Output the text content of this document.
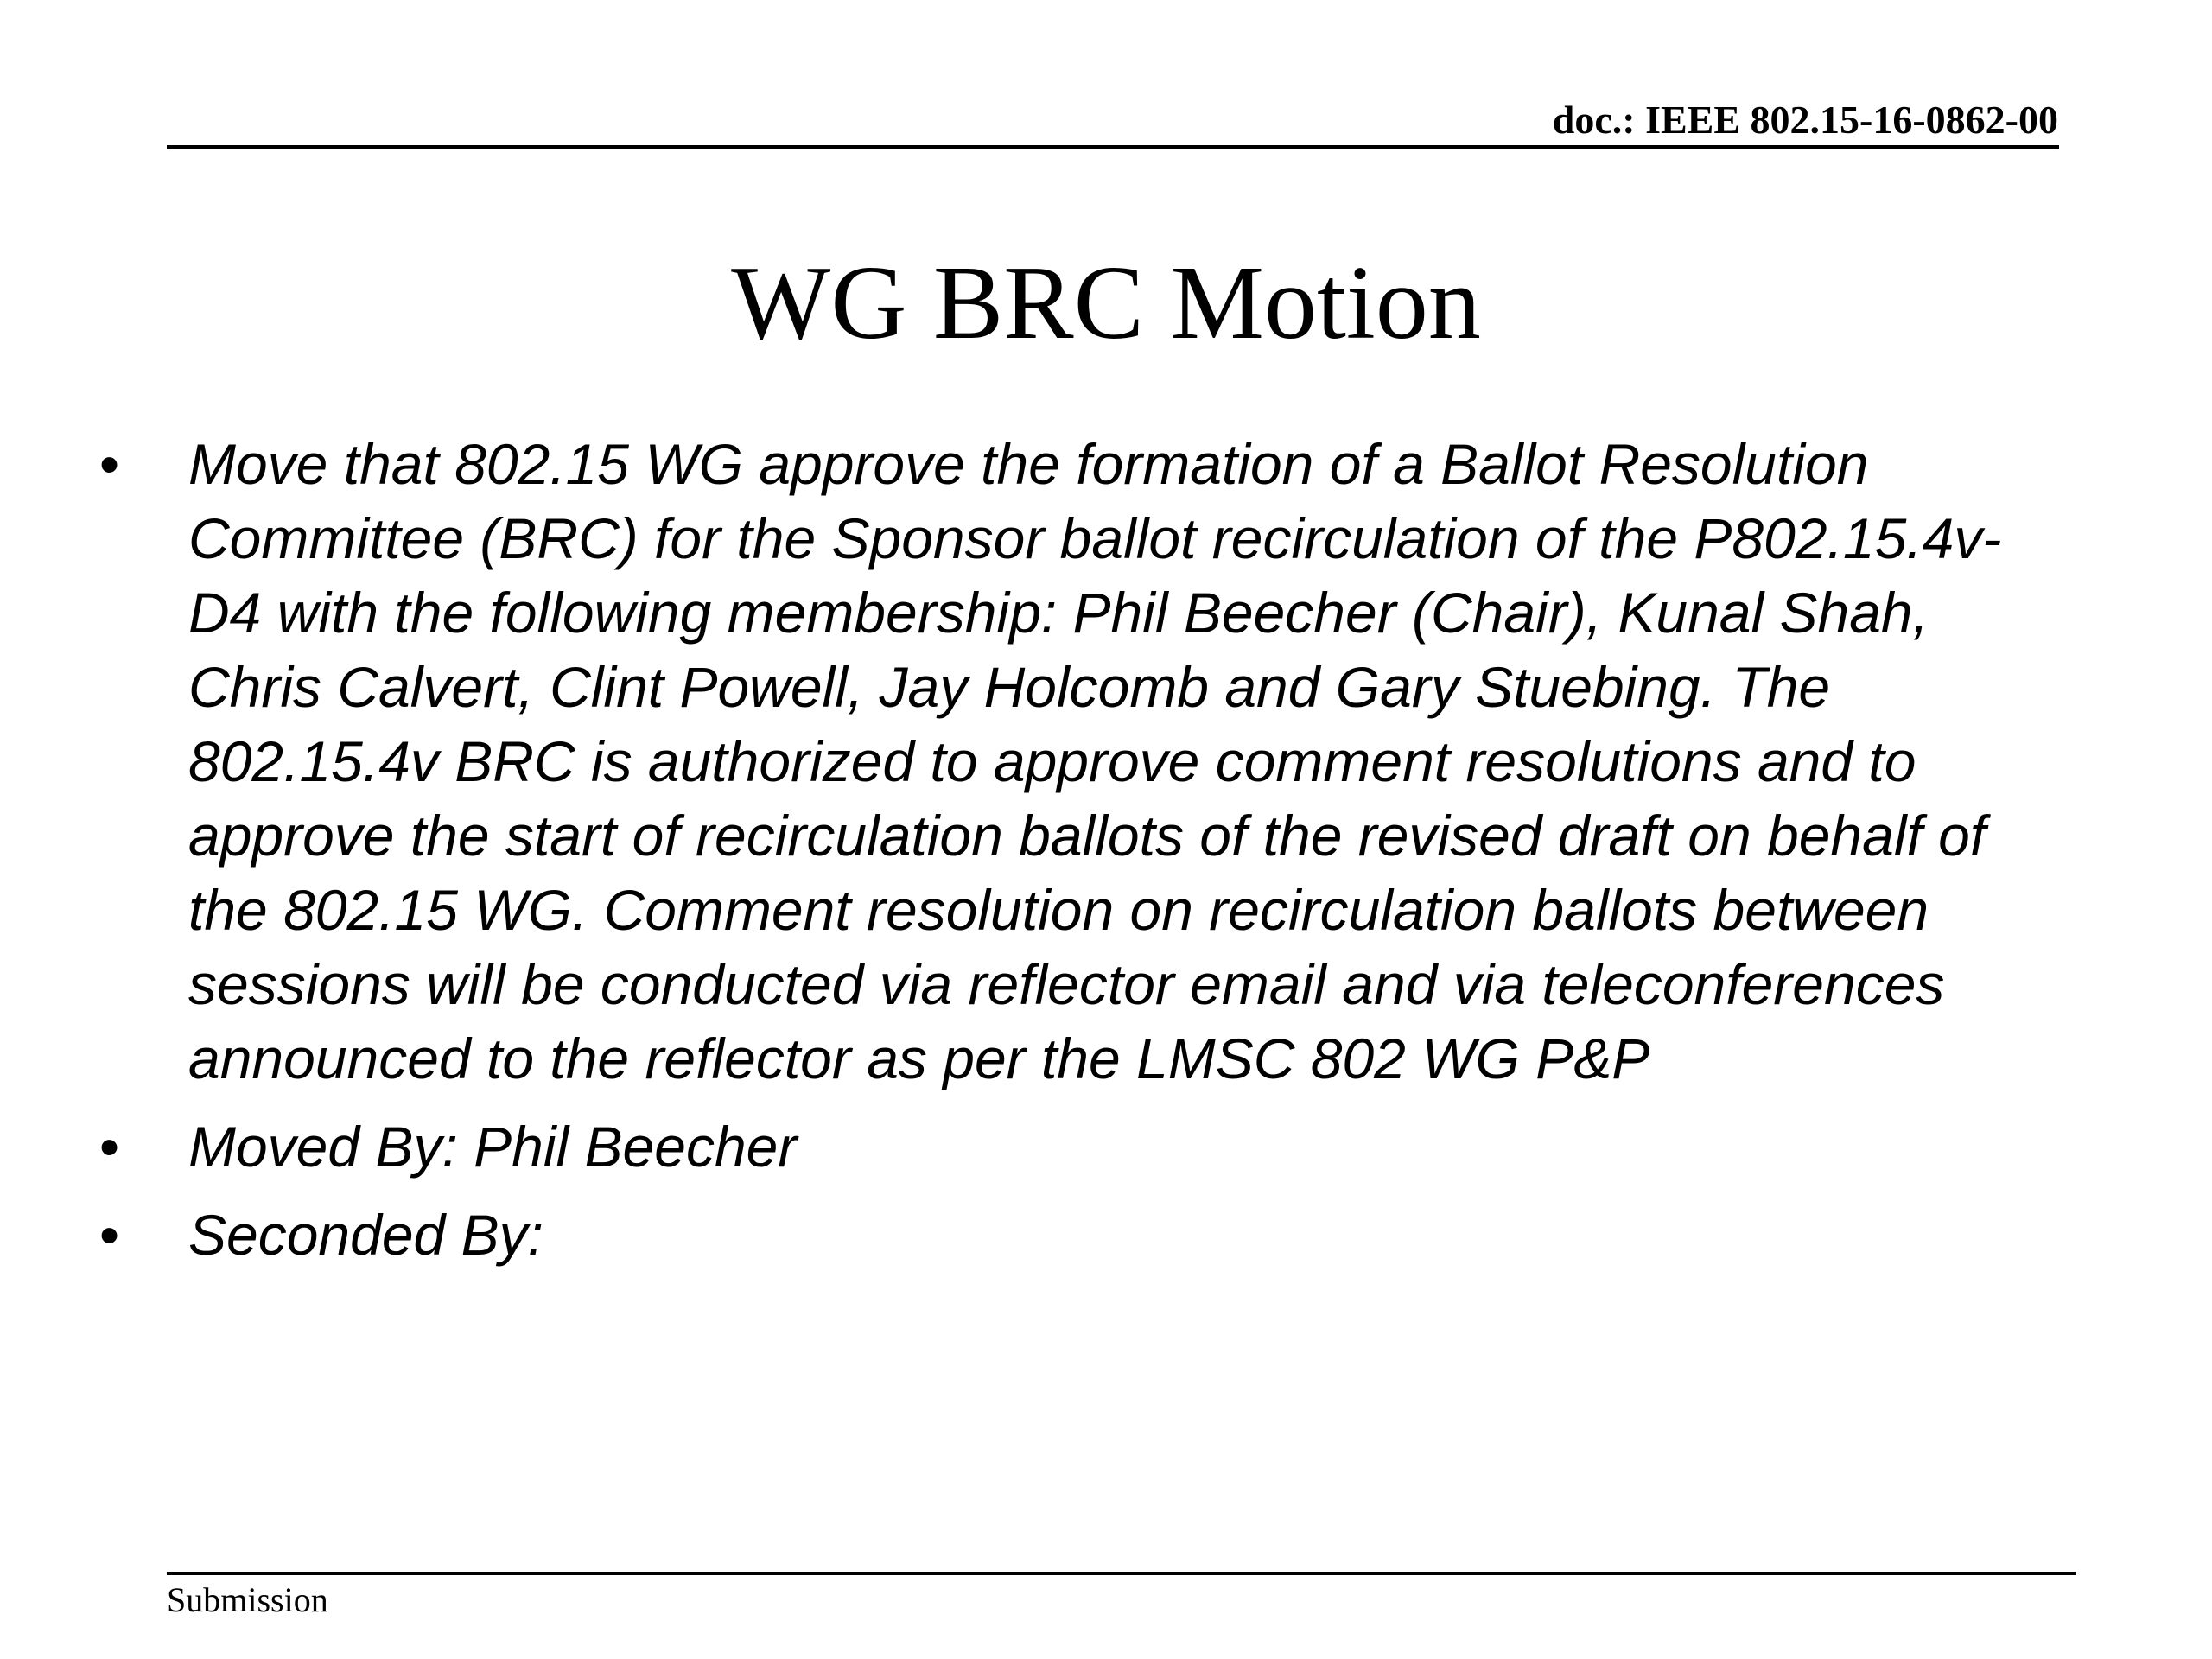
doc.: IEEE 802.15-16-0862-00
WG BRC Motion
• Move that 802.15 WG approve the formation of a Ballot Resolution
Committee (BRC) for the Sponsor ballot recirculation of the P802.15.4v-
D4 with the following membership: Phil Beecher (Chair), Kunal Shah,
Chris Calvert, Clint Powell, Jay Holcomb and Gary Stuebing. The
802.15.4v BRC is authorized to approve comment resolutions and to
approve the start of recirculation ballots of the revised draft on behalf of
the 802.15 WG. Comment resolution on recirculation ballots between
sessions will be conducted via reflector email and via teleconferences
announced to the reflector as per the LMSC 802 WG P&P
• Moved By: Phil Beecher
• Seconded By:
Submission
